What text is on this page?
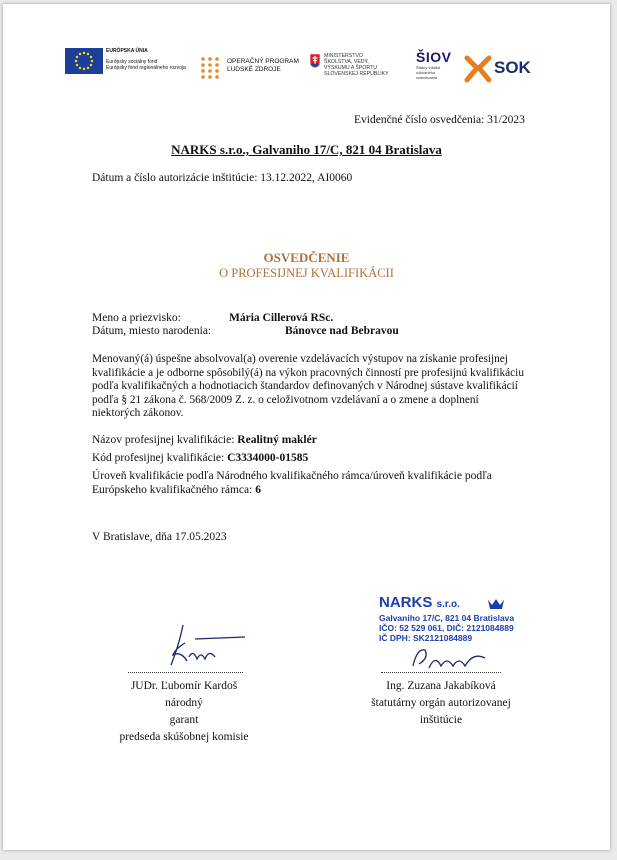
EURÓPSKA ÚNIA
Európsky sociálny fond
Európsky fond regionálneho rozvoja
OPERAČNÝ PROGRAM
ĽUDSKÉ ZDROJE
MINISTERSTVO
ŠKOLSTVA, VEDY,
VÝSKUMU A ŠPORTU
SLOVENSKEJ REPUBLIKY
ŠIOV
Štátny inštitút
odborného
vzdelávania
SOK
Evidenčné číslo osvedčenia: 31/2023
NARKS s.r.o., Galvaniho 17/C, 821 04 Bratislava
Dátum a číslo autorizácie inštitúcie: 13.12.2022, AI0060
OSVEDČENIE
O PROFESIJNEJ KVALIFIKÁCII
Meno a priezvisko:	Mária Cillerová RSc.
Dátum, miesto narodenia:	Bánovce nad Bebravou
Menovaný(á) úspešne absolvoval(a) overenie vzdelávacích výstupov na získanie profesijnej
kvalifikácie a je odborne spôsobilý(á) na výkon pracovných činností pre profesijnú kvalifikáciu
podľa kvalifikačných a hodnotiacich štandardov definovaných v Národnej sústave kvalifikácií
podľa § 21 zákona č. 568/2009 Z. z. o celoživotnom vzdelávaní a o zmene a doplnení
niektorých zákonov.
Názov profesijnej kvalifikácie: Realitný maklér
Kód profesijnej kvalifikácie: C3334000-01585
Úroveň kvalifikácie podľa Národného kvalifikačného rámca/úroveň kvalifikácie podľa
Európskeho kvalifikačného rámca: 6
V Bratislave, dňa 17.05.2023
NARKS s.r.o.
Galvaniho 17/C, 821 04 Bratislava
IČO: 52 529 061, DIČ: 2121084889
IČ DPH: SK2121084889
JUDr. Ľubomír Kardoš
národný
garant
predseda skúšobnej komisie
Ing. Zuzana Jakabíková
štatutárny orgán autorizovanej
inštitúcie
